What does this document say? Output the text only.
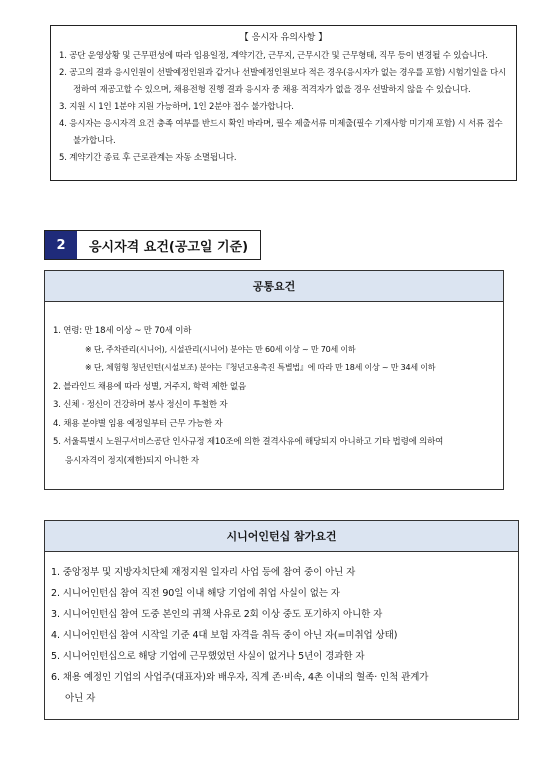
【 응시자 유의사항 】
1. 공단 운영상황 및 근무편성에 따라 임용일정, 계약기간, 근무지, 근무시간 및 근무형태, 직무 등이 변경될 수 있습니다.
2. 공고의 결과 응시인원이 선발예정인원과 같거나 선발예정인원보다 적은 경우(응시자가 없는 경우를 포함) 시험기일을 다시 정하여 재공고할 수 있으며, 채용전형 진행 결과 응시자 중 채용 적격자가 없을 경우 선발하지 않을 수 있습니다.
3. 지원 시 1인 1분야 지원 가능하며, 1인 2분야 접수 불가합니다.
4. 응시자는 응시자격 요건 충족 여부를 반드시 확인 바라며, 필수 제출서류 미제출(필수 기재사항 미기재 포함) 시 서류 접수 불가합니다.
5. 계약기간 종료 후 근로관계는 자동 소멸됩니다.
2	응시자격 요건(공고일 기준)
공통요건
1. 연령: 만 18세 이상 ~ 만 70세 이하
※ 단, 주차관리(시니어), 시설관리(시니어) 분야는 만 60세 이상 ~ 만 70세 이하
※ 단, 체험형 청년인턴(시설보조) 분야는『청년고용촉진 특별법』에 따라 만 18세 이상 ~ 만 34세 이하
2. 블라인드 채용에 따라 성별, 거주지, 학력 제한 없음
3. 신체 · 정신이 건강하며 봉사 정신이 투철한 자
4. 채용 분야별 임용 예정일부터 근무 가능한 자
5. 서울특별시 노원구서비스공단 인사규정 제10조에 의한 결격사유에 해당되지 아니하고 기타 법령에 의하여
응시자격이 정지(제한)되지 아니한 자
시니어인턴십 참가요건
1. 중앙정부 및 지방자치단체 재정지원 일자리 사업 등에 참여 중이 아닌 자
2. 시니어인턴십 참여 직전 90일 이내 해당 기업에 취업 사실이 없는 자
3. 시니어인턴십 참여 도중 본인의 귀책 사유로 2회 이상 중도 포기하지 아니한 자
4. 시니어인턴십 참여 시작일 기준 4대 보험 자격을 취득 중이 아닌 자(=미취업 상태)
5. 시니어인턴십으로 해당 기업에 근무했었던 사실이 없거나 5년이 경과한 자
6. 채용 예정인 기업의 사업주(대표자)와 배우자, 직계 존·비속, 4촌 이내의 혈족· 인척 관계가
아닌 자
